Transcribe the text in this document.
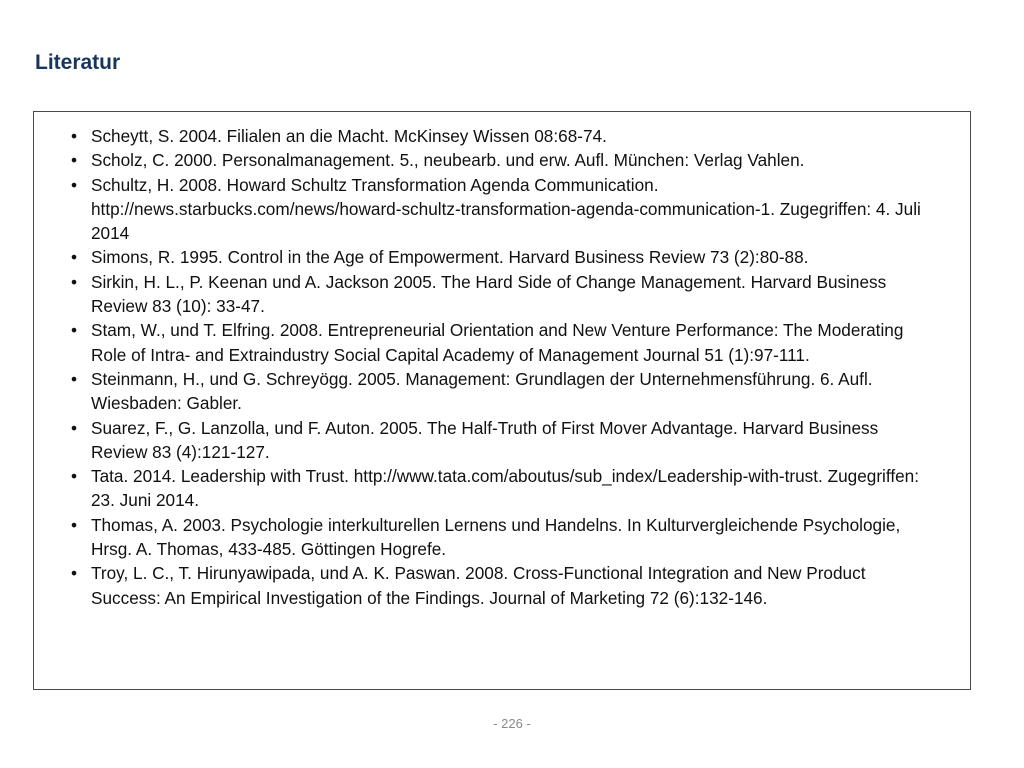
Literatur
• Scheytt, S. 2004. Filialen an die Macht. McKinsey Wissen 08:68-74.
• Scholz, C. 2000. Personalmanagement. 5., neubearb. und erw. Aufl. München: Verlag Vahlen.
• Schultz, H. 2008. Howard Schultz Transformation Agenda Communication. http://news.starbucks.com/news/howard-schultz-transformation-agenda-communication-1. Zugegriffen: 4. Juli 2014
• Simons, R. 1995. Control in the Age of Empowerment. Harvard Business Review 73 (2):80-88.
• Sirkin, H. L., P. Keenan und A. Jackson 2005. The Hard Side of Change Management. Harvard Business Review 83 (10): 33-47.
• Stam, W., und T. Elfring. 2008. Entrepreneurial Orientation and New Venture Performance: The Moderating Role of Intra- and Extraindustry Social Capital Academy of Management Journal 51 (1):97-111.
• Steinmann, H., und G. Schreyögg. 2005. Management: Grundlagen der Unternehmensführung. 6. Aufl. Wiesbaden: Gabler.
• Suarez, F., G. Lanzolla, und F. Auton. 2005. The Half-Truth of First Mover Advantage. Harvard Business Review 83 (4):121-127.
• Tata. 2014. Leadership with Trust. http://www.tata.com/aboutus/sub_index/Leadership-with-trust. Zugegriffen: 23. Juni 2014.
• Thomas, A. 2003. Psychologie interkulturellen Lernens und Handelns. In Kulturvergleichende Psychologie, Hrsg. A. Thomas, 433-485. Göttingen Hogrefe.
• Troy, L. C., T. Hirunyawipada, und A. K. Paswan. 2008. Cross-Functional Integration and New Product Success: An Empirical Investigation of the Findings. Journal of Marketing 72 (6):132-146.
- 226 -
